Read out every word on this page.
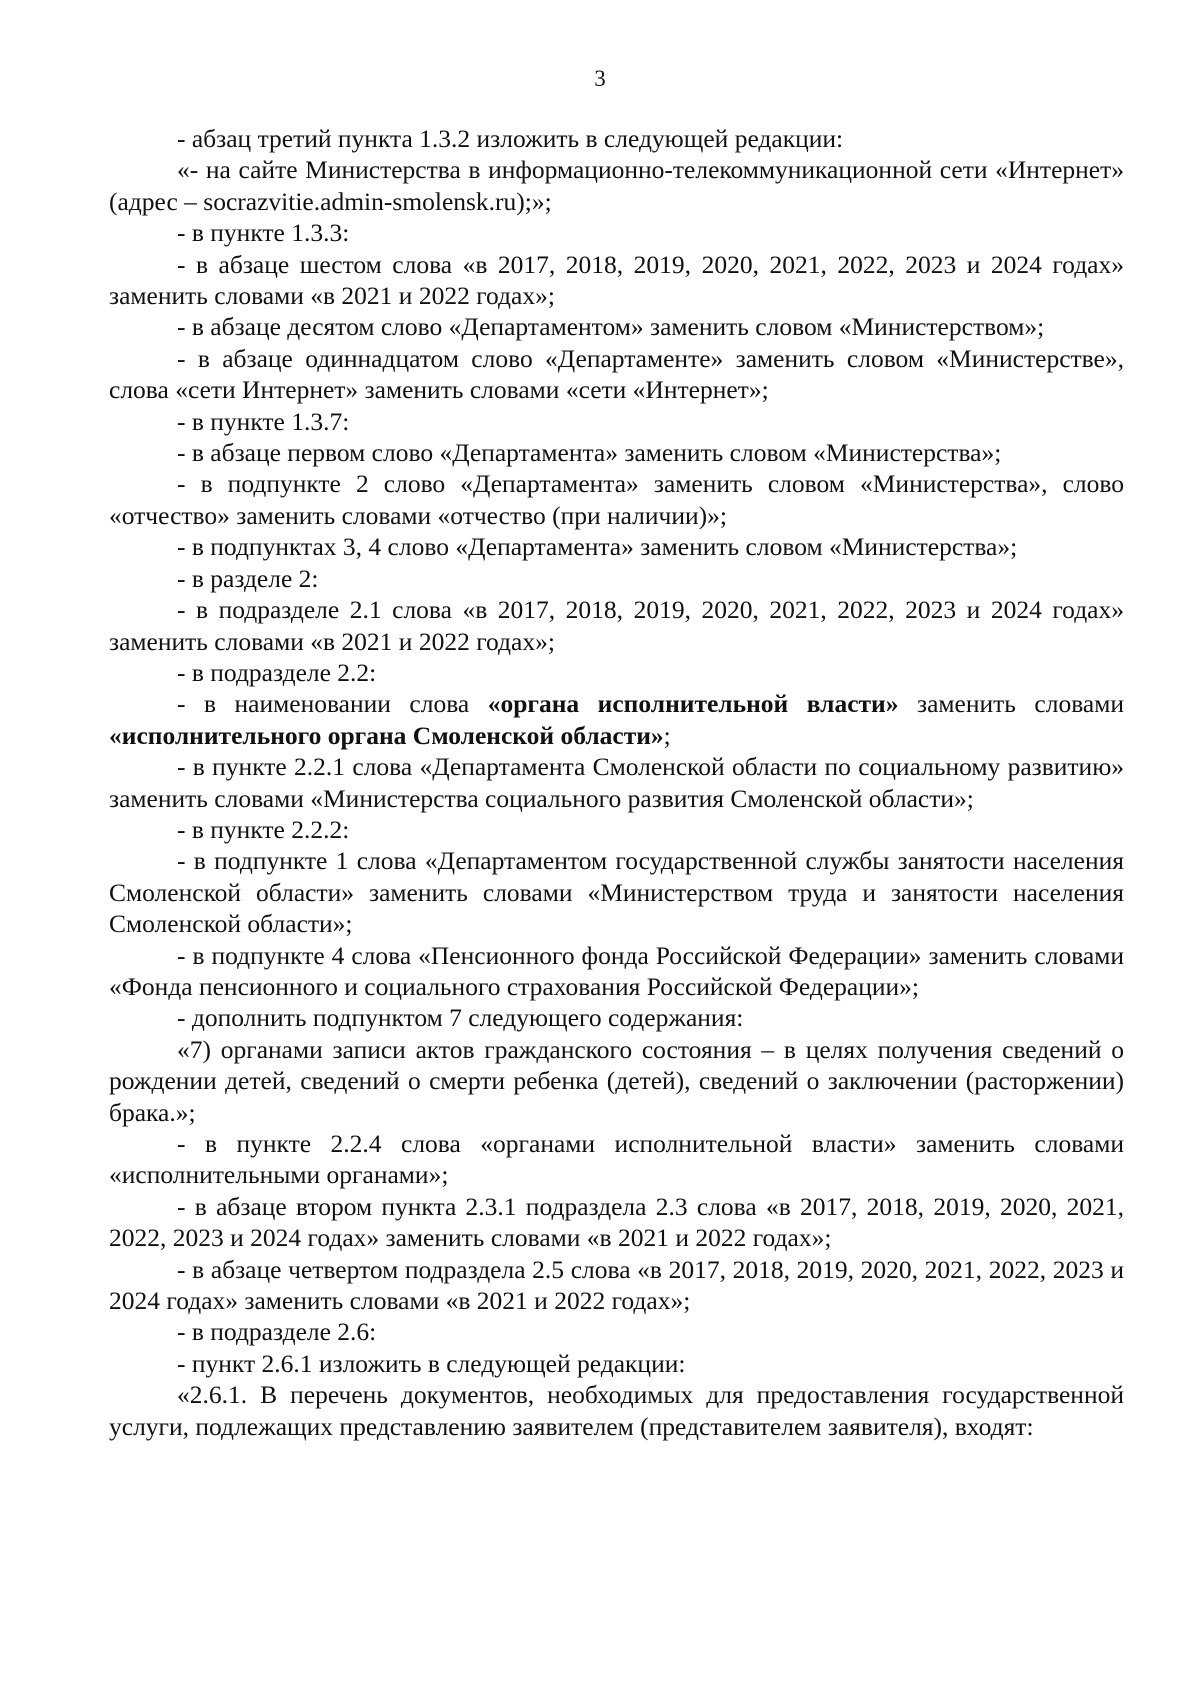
3

- абзац третий пункта 1.3.2 изложить в следующей редакции:

«- на сайте Министерства в информационно-телекоммуникационной сети «Интернет» (адрес – socrazvitie.admin-smolensk.ru);»;

- в пункте 1.3.3:

- в абзаце шестом слова «в 2017, 2018, 2019, 2020, 2021, 2022, 2023 и 2024 годах» заменить словами «в 2021 и 2022 годах»;

- в абзаце десятом слово «Департаментом» заменить словом «Министерством»;

- в абзаце одиннадцатом слово «Департаменте» заменить словом «Министерстве», слова «сети Интернет» заменить словами «сети «Интернет»;

- в пункте 1.3.7:

- в абзаце первом слово «Департамента» заменить словом «Министерства»;

- в подпункте 2 слово «Департамента» заменить словом «Министерства», слово «отчество» заменить словами «отчество (при наличии)»;

- в подпунктах 3, 4 слово «Департамента» заменить словом «Министерства»;

- в разделе 2:

- в подразделе 2.1 слова «в 2017, 2018, 2019, 2020, 2021, 2022, 2023 и 2024 годах» заменить словами «в 2021 и 2022 годах»;

- в подразделе 2.2:

- в наименовании слова «органа исполнительной власти» заменить словами «исполнительного органа Смоленской области»;

- в пункте 2.2.1 слова «Департамента Смоленской области по социальному развитию» заменить словами «Министерства социального развития Смоленской области»;

- в пункте 2.2.2:

- в подпункте 1 слова «Департаментом государственной службы занятости населения Смоленской области» заменить словами «Министерством труда и занятости населения Смоленской области»;

- в подпункте 4 слова «Пенсионного фонда Российской Федерации» заменить словами «Фонда пенсионного и социального страхования Российской Федерации»;

- дополнить подпунктом 7 следующего содержания:

«7) органами записи актов гражданского состояния – в целях получения сведений о рождении детей, сведений о смерти ребенка (детей), сведений о заключении (расторжении) брака.»;

- в пункте 2.2.4 слова «органами исполнительной власти» заменить словами «исполнительными органами»;

- в абзаце втором пункта 2.3.1 подраздела 2.3 слова «в 2017, 2018, 2019, 2020, 2021, 2022, 2023 и 2024 годах» заменить словами «в 2021 и 2022 годах»;

- в абзаце четвертом подраздела 2.5 слова «в 2017, 2018, 2019, 2020, 2021, 2022, 2023 и 2024 годах» заменить словами «в 2021 и 2022 годах»;

- в подразделе 2.6:

- пункт 2.6.1 изложить в следующей редакции:

«2.6.1. В перечень документов, необходимых для предоставления государственной услуги, подлежащих представлению заявителем (представителем заявителя), входят:
